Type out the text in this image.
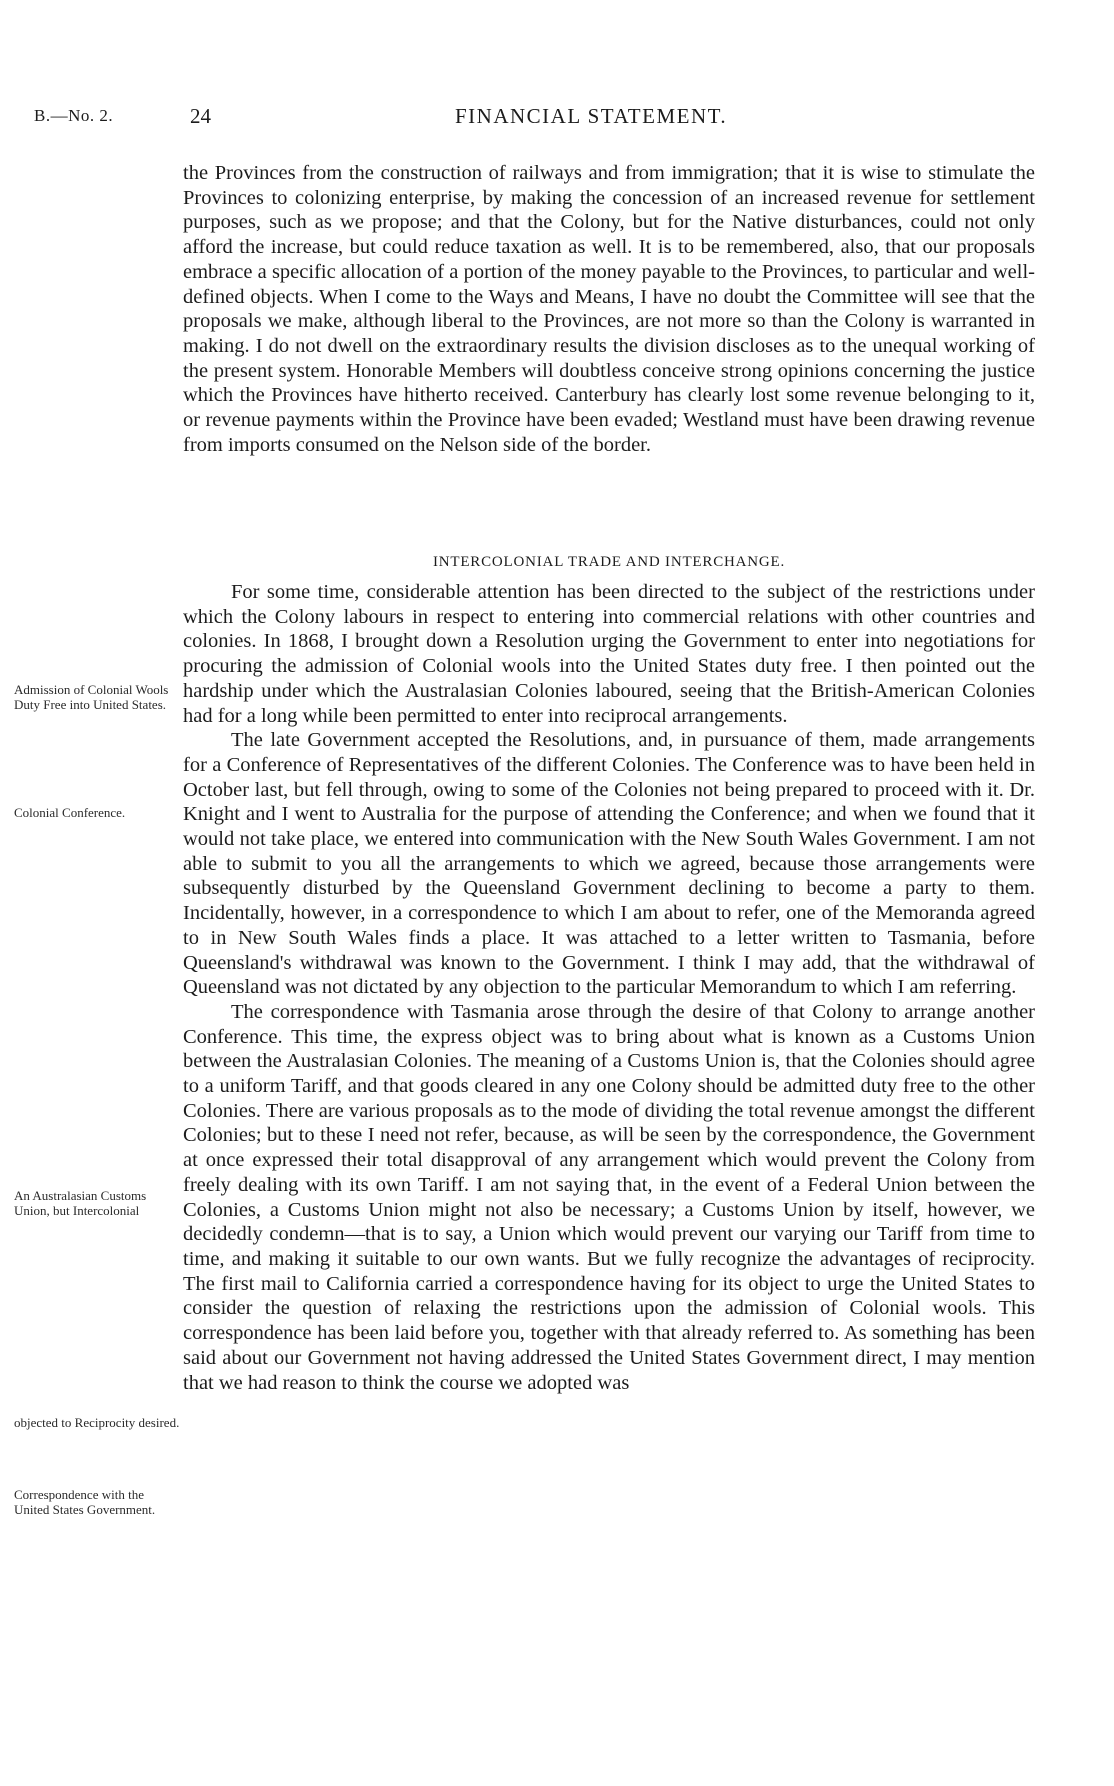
B.—No. 2.	24	FINANCIAL STATEMENT.

the Provinces from the construction of railways and from immigration; that it is wise to stimulate the Provinces to colonizing enterprise, by making the concession of an increased revenue for settlement purposes, such as we propose; and that the Colony, but for the Native disturbances, could not only afford the increase, but could reduce taxation as well. It is to be remembered, also, that our proposals embrace a specific allocation of a portion of the money payable to the Provinces, to particular and well-defined objects. When I come to the Ways and Means, I have no doubt the Committee will see that the proposals we make, although liberal to the Provinces, are not more so than the Colony is warranted in making. I do not dwell on the extraordinary results the division discloses as to the unequal working of the present system. Honorable Members will doubtless conceive strong opinions concerning the justice which the Provinces have hitherto received. Canterbury has clearly lost some revenue belonging to it, or revenue payments within the Province have been evaded; Westland must have been drawing revenue from imports consumed on the Nelson side of the border.

INTERCOLONIAL TRADE AND INTERCHANGE.

For some time, considerable attention has been directed to the subject of the restrictions under which the Colony labours in respect to entering into commercial relations with other countries and colonies. In 1868, I brought down a Resolution urging the Government to enter into negotiations for procuring the admission of Colonial wools into the United States duty free. I then pointed out the hardship under which the Australasian Colonies laboured, seeing that the British-American Colonies had for a long while been permitted to enter into reciprocal arrangements.

The late Government accepted the Resolutions, and, in pursuance of them, made arrangements for a Conference of Representatives of the different Colonies. The Conference was to have been held in October last, but fell through, owing to some of the Colonies not being prepared to proceed with it. Dr. Knight and I went to Australia for the purpose of attending the Conference; and when we found that it would not take place, we entered into communication with the New South Wales Government. I am not able to submit to you all the arrangements to which we agreed, because those arrangements were subsequently disturbed by the Queensland Government declining to become a party to them. Incidentally, however, in a correspondence to which I am about to refer, one of the Memoranda agreed to in New South Wales finds a place. It was attached to a letter written to Tasmania, before Queensland's withdrawal was known to the Government. I think I may add, that the withdrawal of Queensland was not dictated by any objection to the particular Memorandum to which I am referring.

The correspondence with Tasmania arose through the desire of that Colony to arrange another Conference. This time, the express object was to bring about what is known as a Customs Union between the Australasian Colonies. The meaning of a Customs Union is, that the Colonies should agree to a uniform Tariff, and that goods cleared in any one Colony should be admitted duty free to the other Colonies. There are various proposals as to the mode of dividing the total revenue amongst the different Colonies; but to these I need not refer, because, as will be seen by the correspondence, the Government at once expressed their total disapproval of any arrangement which would prevent the Colony from freely dealing with its own Tariff. I am not saying that, in the event of a Federal Union between the Colonies, a Customs Union might not also be necessary; a Customs Union by itself, however, we decidedly condemn—that is to say, a Union which would prevent our varying our Tariff from time to time, and making it suitable to our own wants. But we fully recognize the advantages of reciprocity. The first mail to California carried a correspondence having for its object to urge the United States to consider the question of relaxing the restrictions upon the admission of Colonial wools. This correspondence has been laid before you, together with that already referred to. As something has been said about our Government not having addressed the United States Government direct, I may mention that we had reason to think the course we adopted was

Admission of Colonial Wools Duty Free into United States.
Colonial Conference.
An Australasian Customs Union, but Intercolonial
objected to Reciprocity desired.
Correspondence with the United States Government.
